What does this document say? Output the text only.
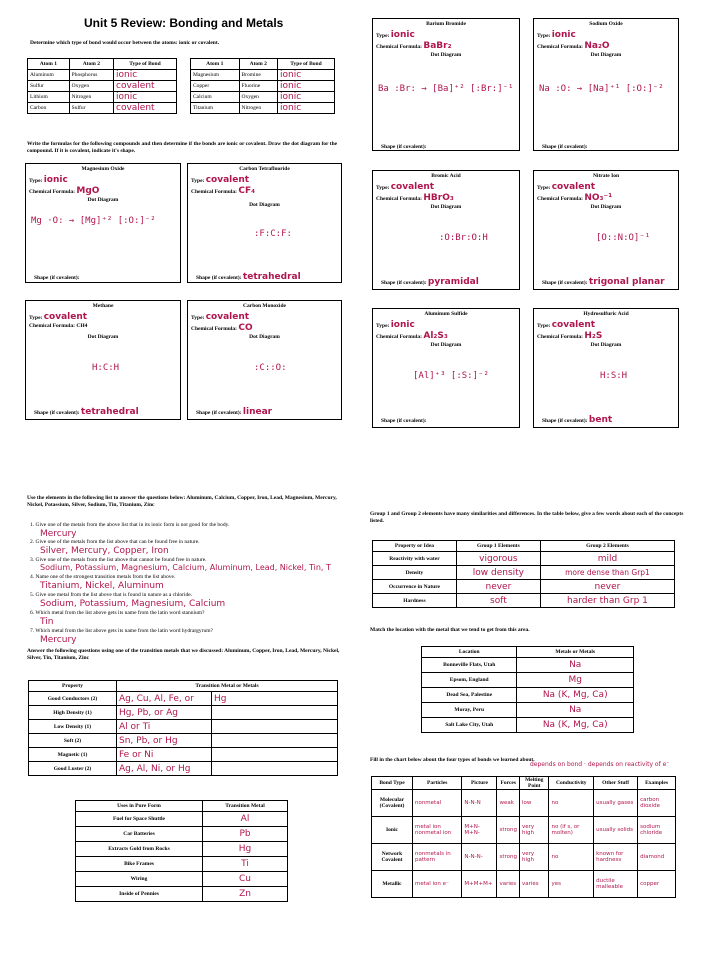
Unit 5 Review: Bonding and Metals
Determine which type of bond would occur between the atoms: ionic or covalent.
Atom 1	Atom 2	Type of Bond
Aluminum	Phosphorus	ionic
Sulfur	Oxygen	covalent
Lithium	Nitrogen	ionic
Carbon	Sulfur	covalent
Atom 1	Atom 2	Type of Bond
Magnesium	Bromine	ionic
Copper	Fluorine	ionic
Calcium	Oxygen	ionic
Titanium	Nitrogen	ionic
Write the formulas for the following compounds and then determine if the bonds are ionic or covalent. Draw the dot diagram for the compound. If it is covalent, indicate it's shape.
Magnesium Oxide
Type: ionic
Chemical Formula: MgO
Dot Diagram
Mg ·O: → [Mg]⁺² [:O:]⁻²
Shape (if covalent):
Carbon Tetrafluoride
Type: covalent
Chemical Formula: CF₄
Dot Diagram
:F:C:F:
Shape (if covalent): tetrahedral
Methane
Type: covalent
Chemical Formula: CH4
Dot Diagram
H:C:H
Shape (if covalent): tetrahedral
Carbon Monoxide
Type: covalent
Chemical Formula: CO
Dot Diagram
:C::O:
Shape (if covalent): linear
Barium Bromide
Type: ionic
Chemical Formula: BaBr₂
Dot Diagram
Ba :Br: → [Ba]⁺² [:Br:]⁻¹
Shape (if covalent):
Sodium Oxide
Type: ionic
Chemical Formula: Na₂O
Dot Diagram
Na :O: → [Na]⁺¹ [:O:]⁻²
Shape (if covalent):
Bromic Acid
Type: covalent
Chemical Formula: HBrO₃
Dot Diagram
:O:Br:O:H
Shape (if covalent): pyramidal
Nitrate Ion
Type: covalent
Chemical Formula: NO₃⁻¹
Dot Diagram
[O::N:O]⁻¹
Shape (if covalent): trigonal planar
Aluminum Sulfide
Type: ionic
Chemical Formula: Al₂S₃
Dot Diagram
[Al]⁺³ [:S:]⁻²
Shape (if covalent):
Hydrosulfuric Acid
Type: covalent
Chemical Formula: H₂S
Dot Diagram
H:S:H
Shape (if covalent): bent
Use the elements in the following list to answer the questions below: Aluminum, Calcium, Copper, Iron, Lead, Magnesium, Mercury, Nickel, Potassium, Silver, Sodium, Tin, Titanium, Zinc
1. Give one of the metals from the above list that in its ionic form is not good for the body.
Mercury
2. Give one of the metals from the list above that can be found free in nature.
Silver, Mercury, Copper, Iron
3. Give one of the metals from the list above that cannot be found free in nature.
Sodium, Potassium, Magnesium, Calcium, Aluminum, Lead, Nickel, Tin, T
4. Name one of the strongest transition metals from the list above.
Titanium, Nickel, Aluminum
5. Give one metal from the list above that is found in nature as a chloride.
Sodium, Potassium, Magnesium, Calcium
6. Which metal from the list above gets its name from the latin word stannium?
Tin
7. Which metal from the list above gets its name from the latin word hydrargyrum?
Mercury
Answer the following questions using one of the transition metals that we discussed: Aluminum, Copper, Iron, Lead, Mercury, Nickel, Silver, Tin, Titanium, Zinc
Property	Transition Metal or Metals	
Good Conductors (2)	Ag, Cu, Al, Fe, or	Hg
High Density (1)	Hg, Pb, or Ag	
Low Density (1)	Al or Ti	
Soft (2)	Sn, Pb, or Hg	
Magnetic (1)	Fe or Ni	
Good Luster (2)	Ag, Al, Ni, or Hg	
Uses in Pure Form	Transition Metal
Fuel for Space Shuttle	Al
Car Batteries	Pb
Extracts Gold from Rocks	Hg
Bike Frames	Ti
Wiring	Cu
Inside of Pennies	Zn
Group 1 and Group 2 elements have many similarities and differences. In the table below, give a few words about each of the concepts listed.
Property or Idea	Group 1 Elements	Group 2 Elements
Reactivity with water	vigorous	mild
Density	low density	more dense than Grp1
Occurrence in Nature	never	never
Hardness	soft	harder than Grp 1
Match the location with the metal that we tend to get from this area.
Location	Metals or Metals
Bonneville Flats, Utah	Na
Epsom, England	Mg
Dead Sea, Palestine	Na (K, Mg, Ca)
Moray, Peru	Na
Salt Lake City, Utah	Na (K, Mg, Ca)
Fill in the chart below about the four types of bonds we learned about.
depends on bond · depends on reactivity of e⁻
Bond Type	Particles	Picture	Forces	Melting Point	Conductivity	Other Stuff	Examples
Molecular (Covalent)	nonmetal	N-N-N	weak	low	no	usually gases	carbon dioxide
Ionic	metal ion nonmetal ion	M+N- M+N-	strong	very high	no (if s, or molten)	usually solids	sodium chloride
Network Covalent	nonmetals in pattern	N-N-N-	strong	very high	no	known for hardness	diamond
Metallic	metal ion e⁻	M+M+M+	varies	varies	yes	ductile malleable	copper
